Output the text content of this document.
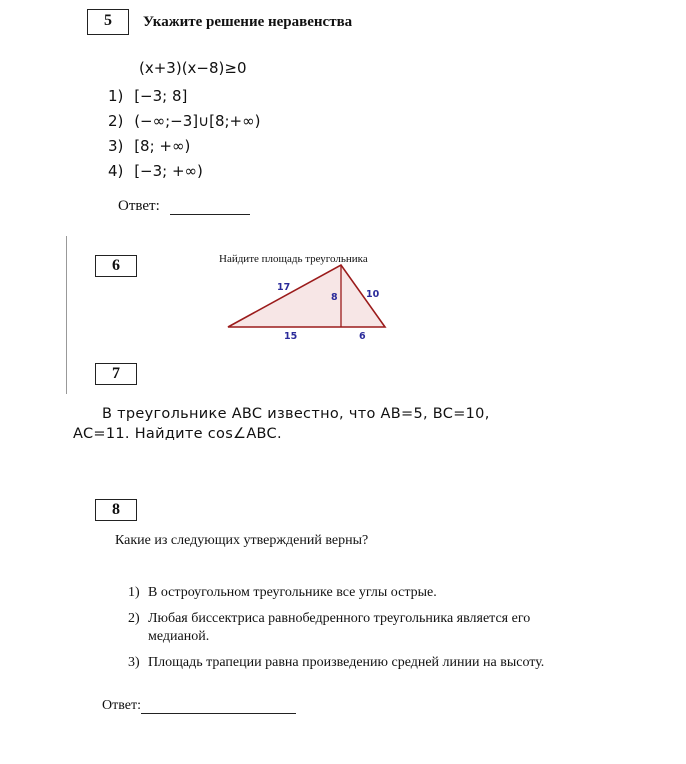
5	Укажите решение неравенства
(x+3)(x−8)≥0
1) [−3; 8]
2) (−∞;−3]∪[8;+∞)
3) [8; +∞)
4) [−3; +∞)
Ответ:
6	Найдите площадь треугольника
17
8	10
15	6
7
В треугольнике ABC известно, что AB=5, BC=10,
AC=11. Найдите cos∠ABC.
8
Какие из следующих утверждений верны?
1) В остроугольном треугольнике все углы острые.
2) Любая биссектриса равнобедренного треугольника является его медианой.
3) Площадь трапеции равна произведению средней линии на высоту.
Ответ:
